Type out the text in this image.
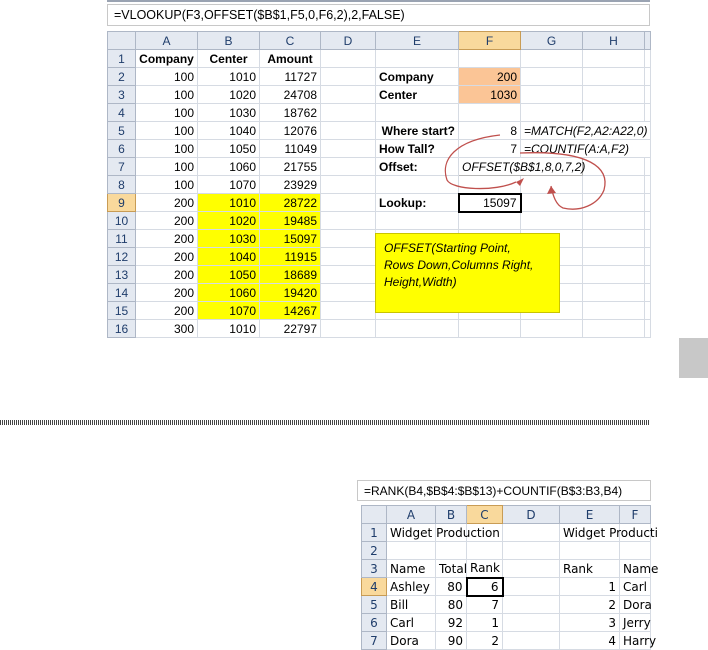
=VLOOKUP(F3,OFFSET($B$1,F5,0,F6,2),2,FALSE)
	A	B	C	D	E	F	G	H		
1	Company	Center	Amount							
2	100	1010	11727		Company	200				
3	100	1020	24708		Center	1030				
4	100	1030	18762							
5	100	1040	12076		Where start?	8	=MATCH(F2,A2:A22,0)			
6	100	1050	11049		How Tall?	7	=COUNTIF(A:A,F2)			
7	100	1060	21755		Offset:	OFFSET($B$1,8,0,7,2)				
8	100	1070	23929							
9	200	1010	28722		Lookup:	15097				
10	200	1020	19485							
11	200	1030	15097							
12	200	1040	11915							
13	200	1050	18689							
14	200	1060	19420							
15	200	1070	14267							
16	300	1010	22797							
OFFSET(Starting Point,
Rows Down,Columns Right,
Height,Width)
=RANK(B4,$B$4:$B$13)+COUNTIF(B$3:B3,B4)
	A	B	C	D	E	F
1	Widget Production				Widget Producti	
2						
3	Name	Total	Rank		Rank	Name
4	Ashley	80	6		1	Carl
5	Bill	80	7		2	Dora
6	Carl	92	1		3	Jerry
7	Dora	90	2		4	Harry
